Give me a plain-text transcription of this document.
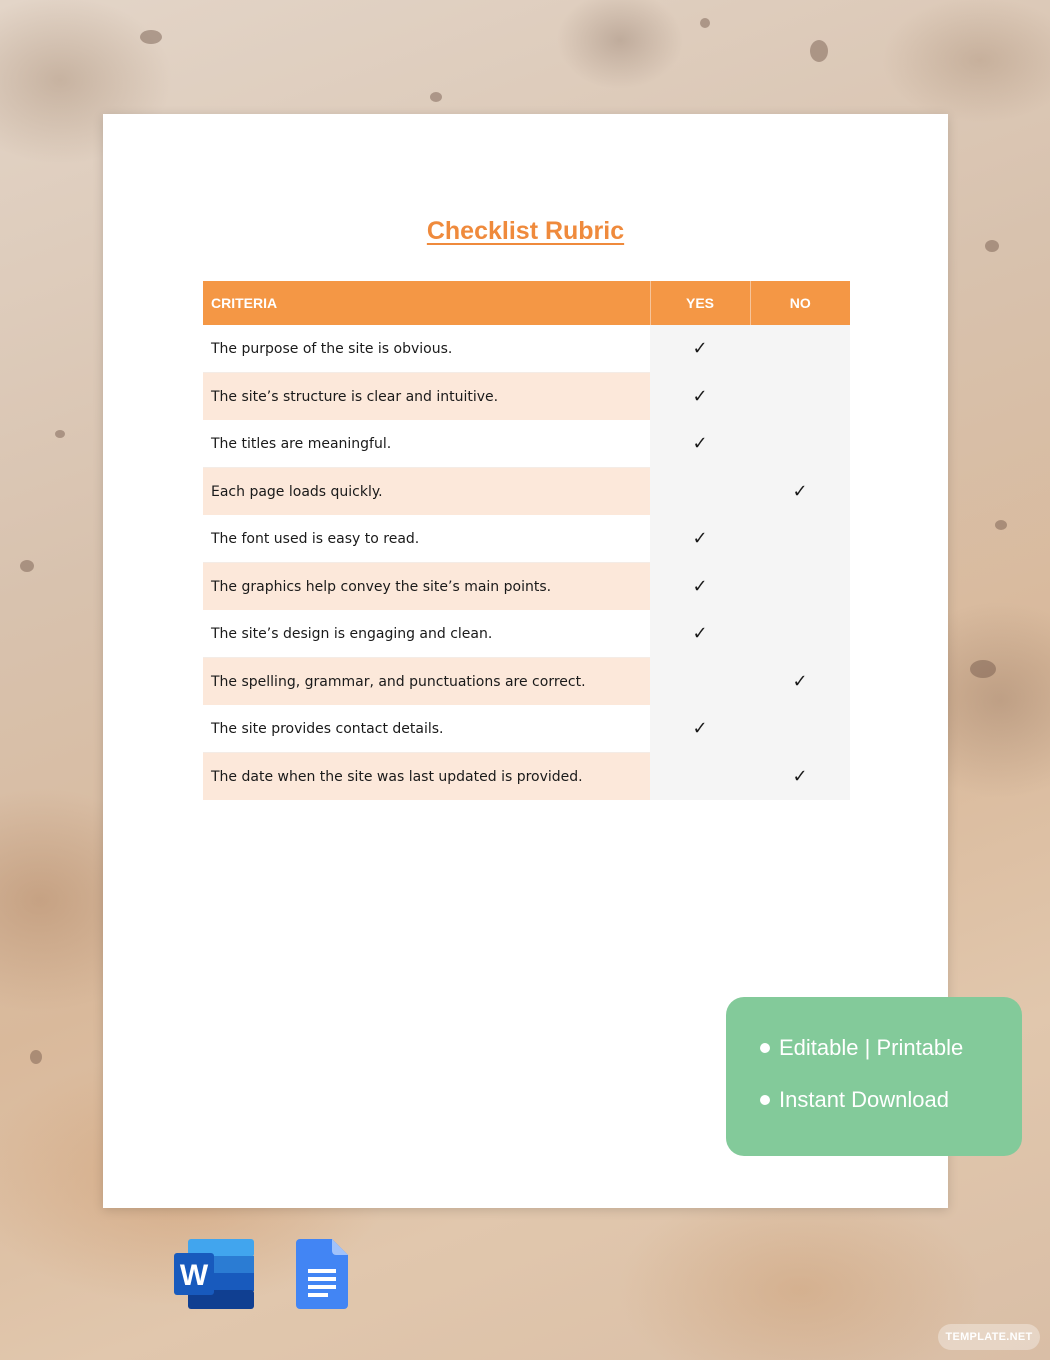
Checklist Rubric
CRITERIA	YES	NO
The purpose of the site is obvious.	✓	
The site’s structure is clear and intuitive.	✓	
The titles are meaningful.	✓	
Each page loads quickly.		✓
The font used is easy to read.	✓	
The graphics help convey the site’s main points.	✓	
The site’s design is engaging and clean.	✓	
The spelling, grammar, and punctuations are correct.		✓
The site provides contact details.	✓	
The date when the site was last updated is provided.		✓
Editable | Printable
Instant Download
W
TEMPLATE.NET
